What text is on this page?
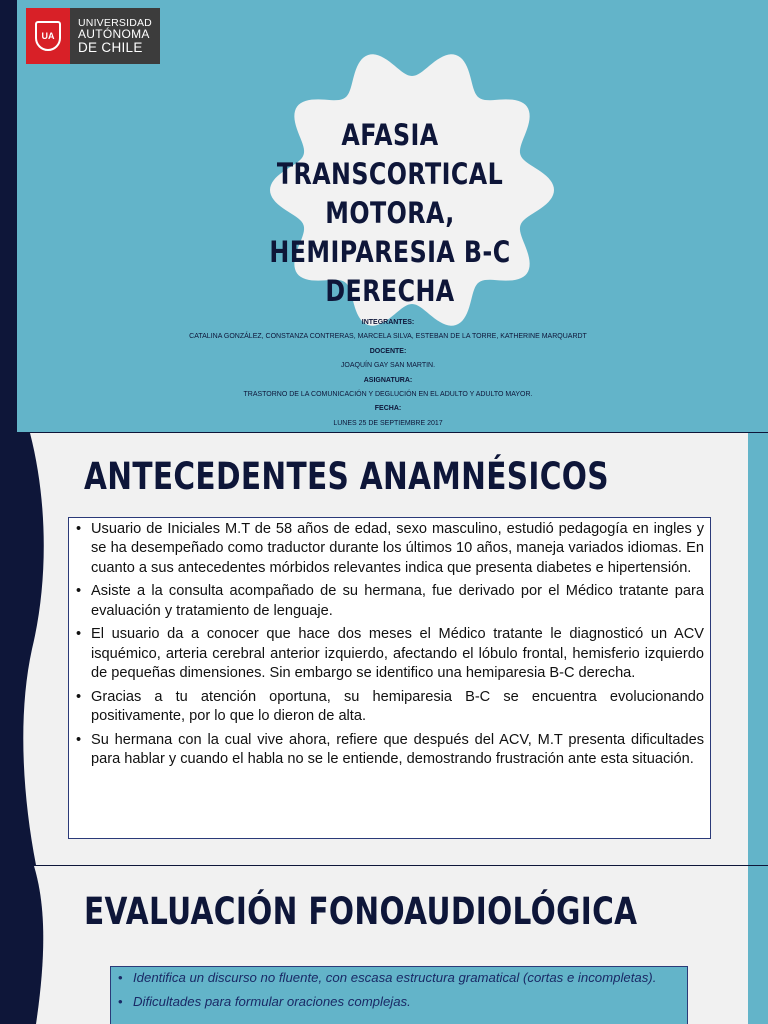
UA
UNIVERSIDAD
AUTÓNOMA
DE CHILE
AFASIA TRANSCORTICAL
MOTORA,
HEMIPARESIA B-C
DERECHA
INTEGRANTES:
CATALINA GONZÁLEZ, CONSTANZA CONTRERAS, MARCELA SILVA, ESTEBAN DE LA TORRE, KATHERINE MARQUARDT
DOCENTE:
JOAQUÍN GAY SAN MARTIN.
ASIGNATURA:
TRASTORNO DE LA COMUNICACIÓN Y DEGLUCIÓN EN EL ADULTO Y ADULTO MAYOR.
FECHA:
LUNES 25 DE SEPTIEMBRE 2017
ANTECEDENTES ANAMNÉSICOS
• Usuario de Iniciales M.T de 58 años de edad, sexo masculino, estudió pedagogía en ingles y se ha desempeñado como traductor durante los últimos 10 años, maneja variados idiomas. En cuanto a sus antecedentes mórbidos relevantes indica que presenta diabetes e hipertensión.
• Asiste a la consulta acompañado de su hermana, fue derivado por el Médico tratante para evaluación y tratamiento de lenguaje.
• El usuario da a conocer que hace dos meses el Médico tratante le diagnosticó un ACV isquémico, arteria cerebral anterior izquierdo, afectando el lóbulo frontal, hemisferio izquierdo de pequeñas dimensiones. Sin embargo se identifico una hemiparesia B-C derecha.
• Gracias a tu atención oportuna, su hemiparesia B-C se encuentra evolucionando positivamente, por lo que lo dieron de alta.
• Su hermana con la cual vive ahora, refiere que después del ACV, M.T presenta dificultades para hablar y cuando el habla no se le entiende, demostrando frustración ante esta situación.
EVALUACIÓN FONOAUDIOLÓGICA
• Identifica un discurso no fluente, con escasa estructura gramatical (cortas e incompletas).
• Dificultades para formular oraciones complejas.
